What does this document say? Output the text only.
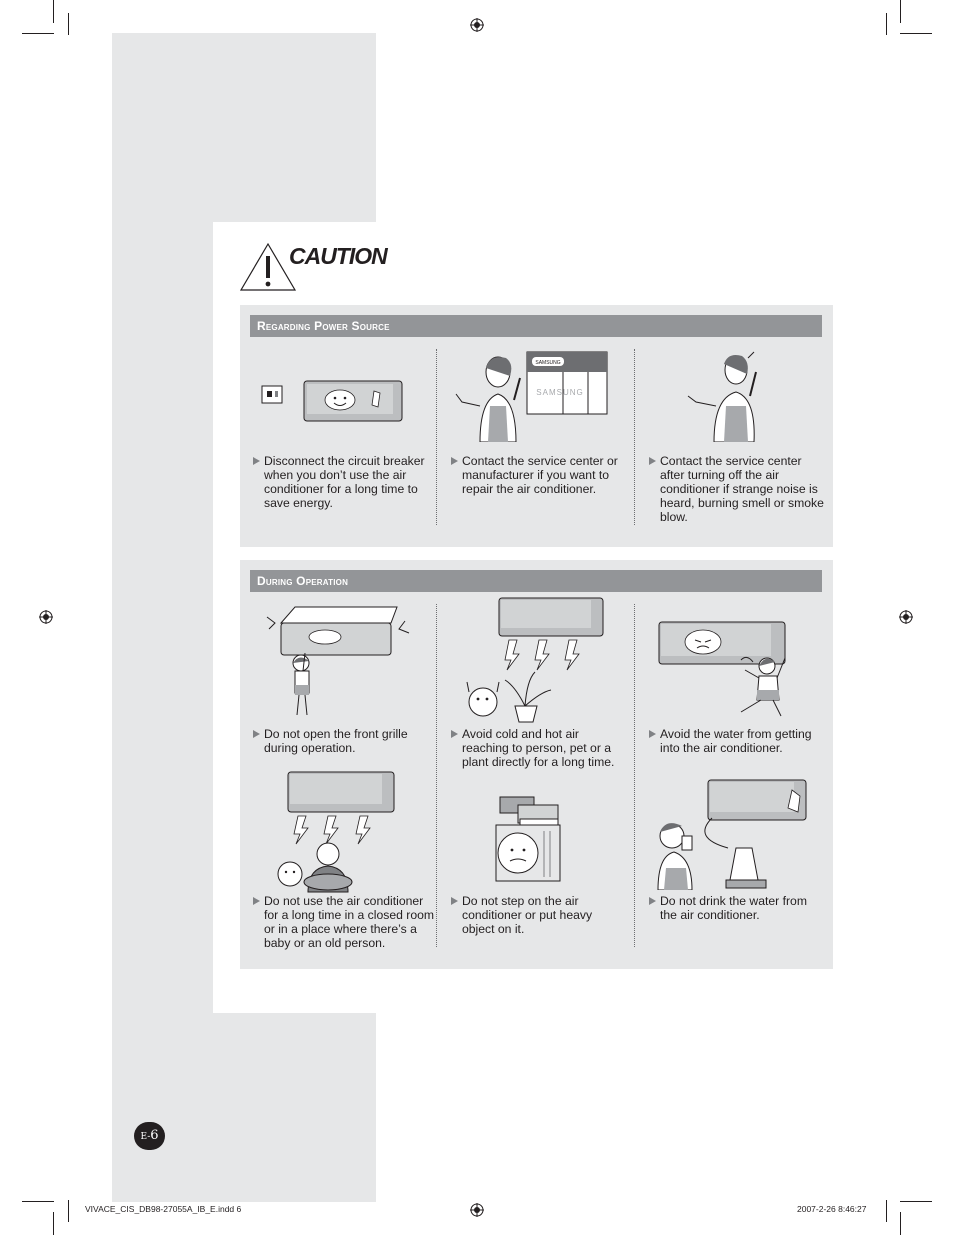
CAUTION
Regarding Power Source
Disconnect the circuit breaker when you don’t use the air conditioner for a long time to save energy.
SAMSUNG
SAMSUNG
Contact the service center or manufacturer if you want to repair the air conditioner.
Contact the service center after turning off the air conditioner if strange noise is heard, burning smell or smoke blow.
During Operation
Do not open the front grille during operation.
Avoid cold and hot air reaching to person, pet or a plant directly for a long time.
Avoid the water from getting into the air conditioner.
Do not use the air conditioner for a long time in a closed room or in a place where there’s a baby or an old person.
Do not step on the air conditioner or put heavy object on it.
Do not drink the water from the air conditioner.
E-6
VIVACE_CIS_DB98-27055A_IB_E.indd 6	2007-2-26 8:46:27
